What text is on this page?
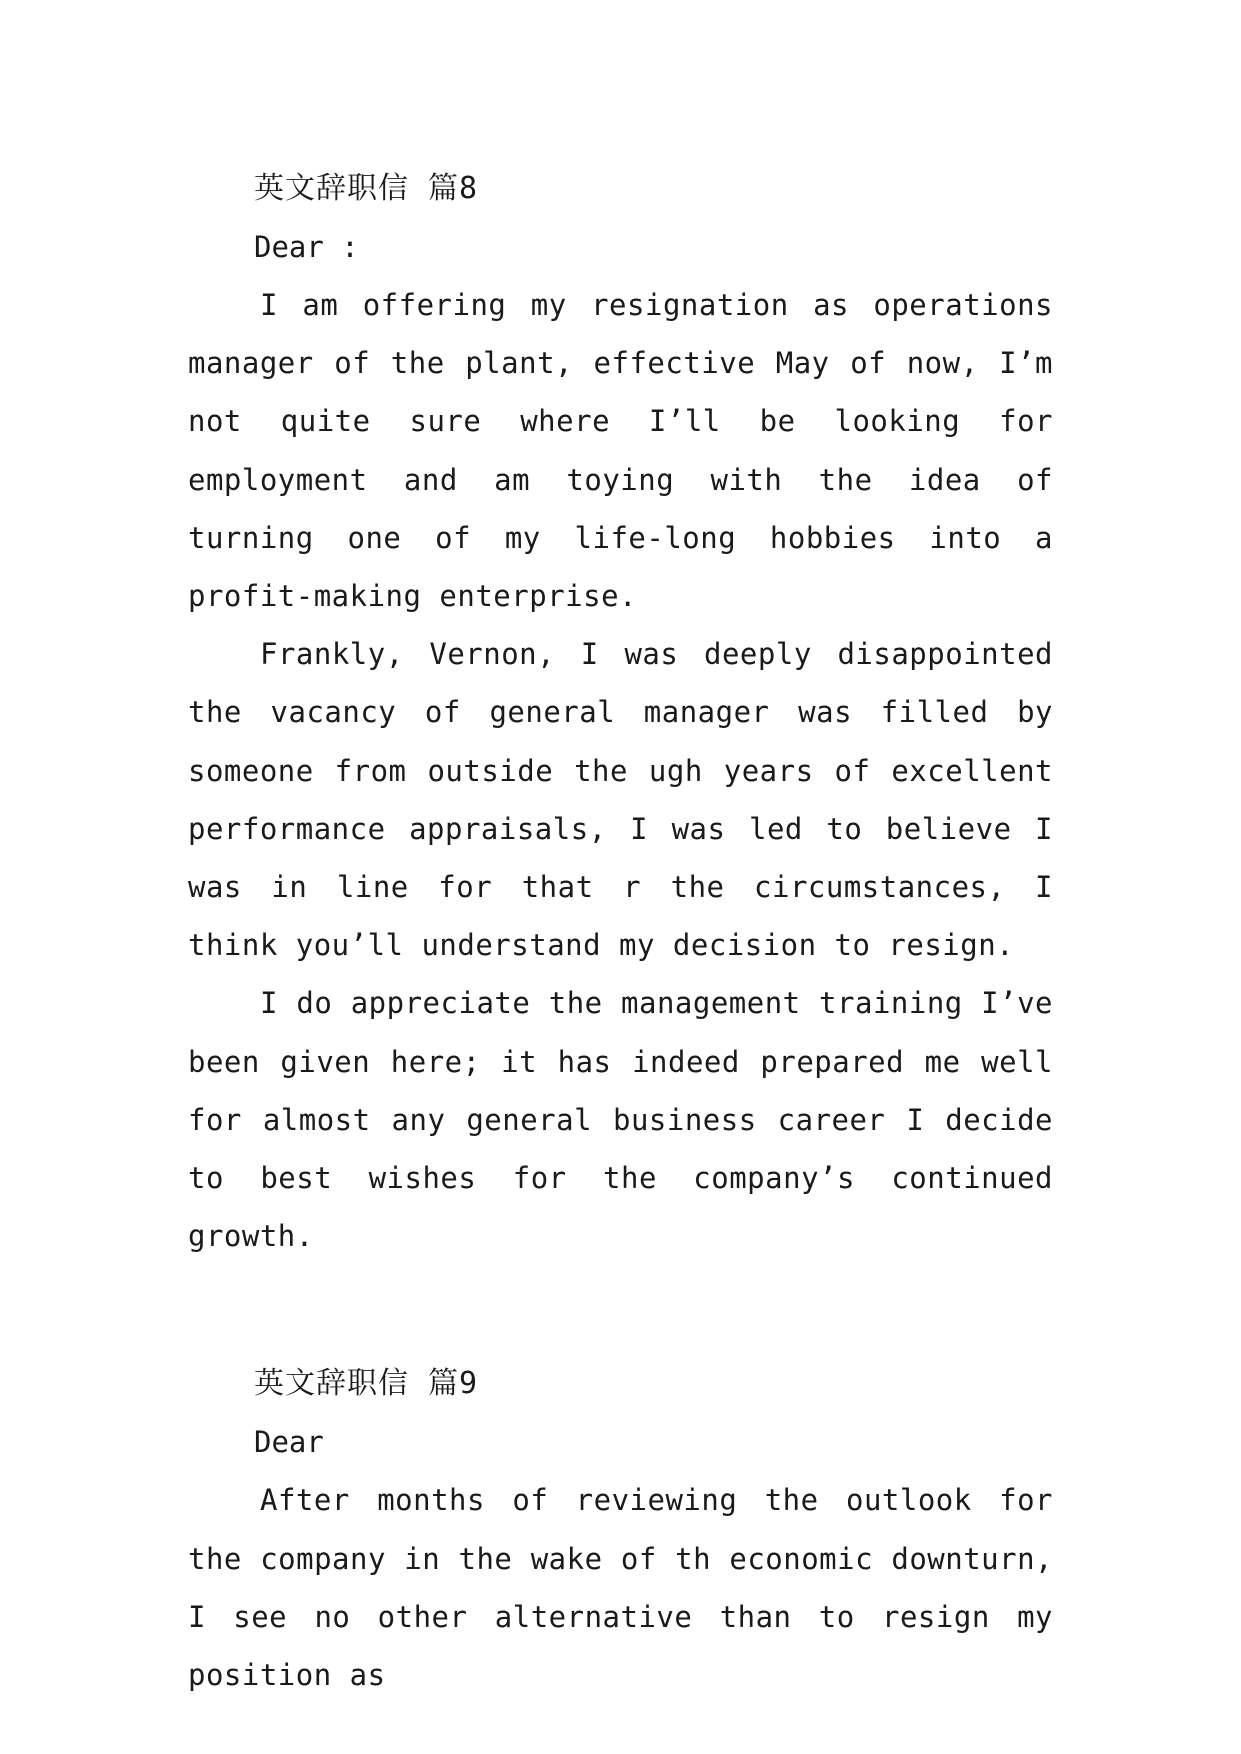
英文辞职信 篇8
Dear :

I am offering my resignation as operations manager of the plant, effective May of now, I’m not quite sure where I’ll be looking for employment and am toying with the idea of turning one of my life-long hobbies into a profit-making enterprise.

Frankly, Vernon, I was deeply disappointed the vacancy of general manager was filled by someone from outside the ugh years of excellent performance appraisals, I was led to believe I was in line for that r the circumstances, I think you’ll understand my decision to resign.

I do appreciate the management training I’ve been given here; it has indeed prepared me well for almost any general business career I decide to best wishes for the company’s continued growth.

英文辞职信 篇9
Dear

After months of reviewing the outlook for the company in the wake of th economic downturn, I see no other alternative than to resign my position as
